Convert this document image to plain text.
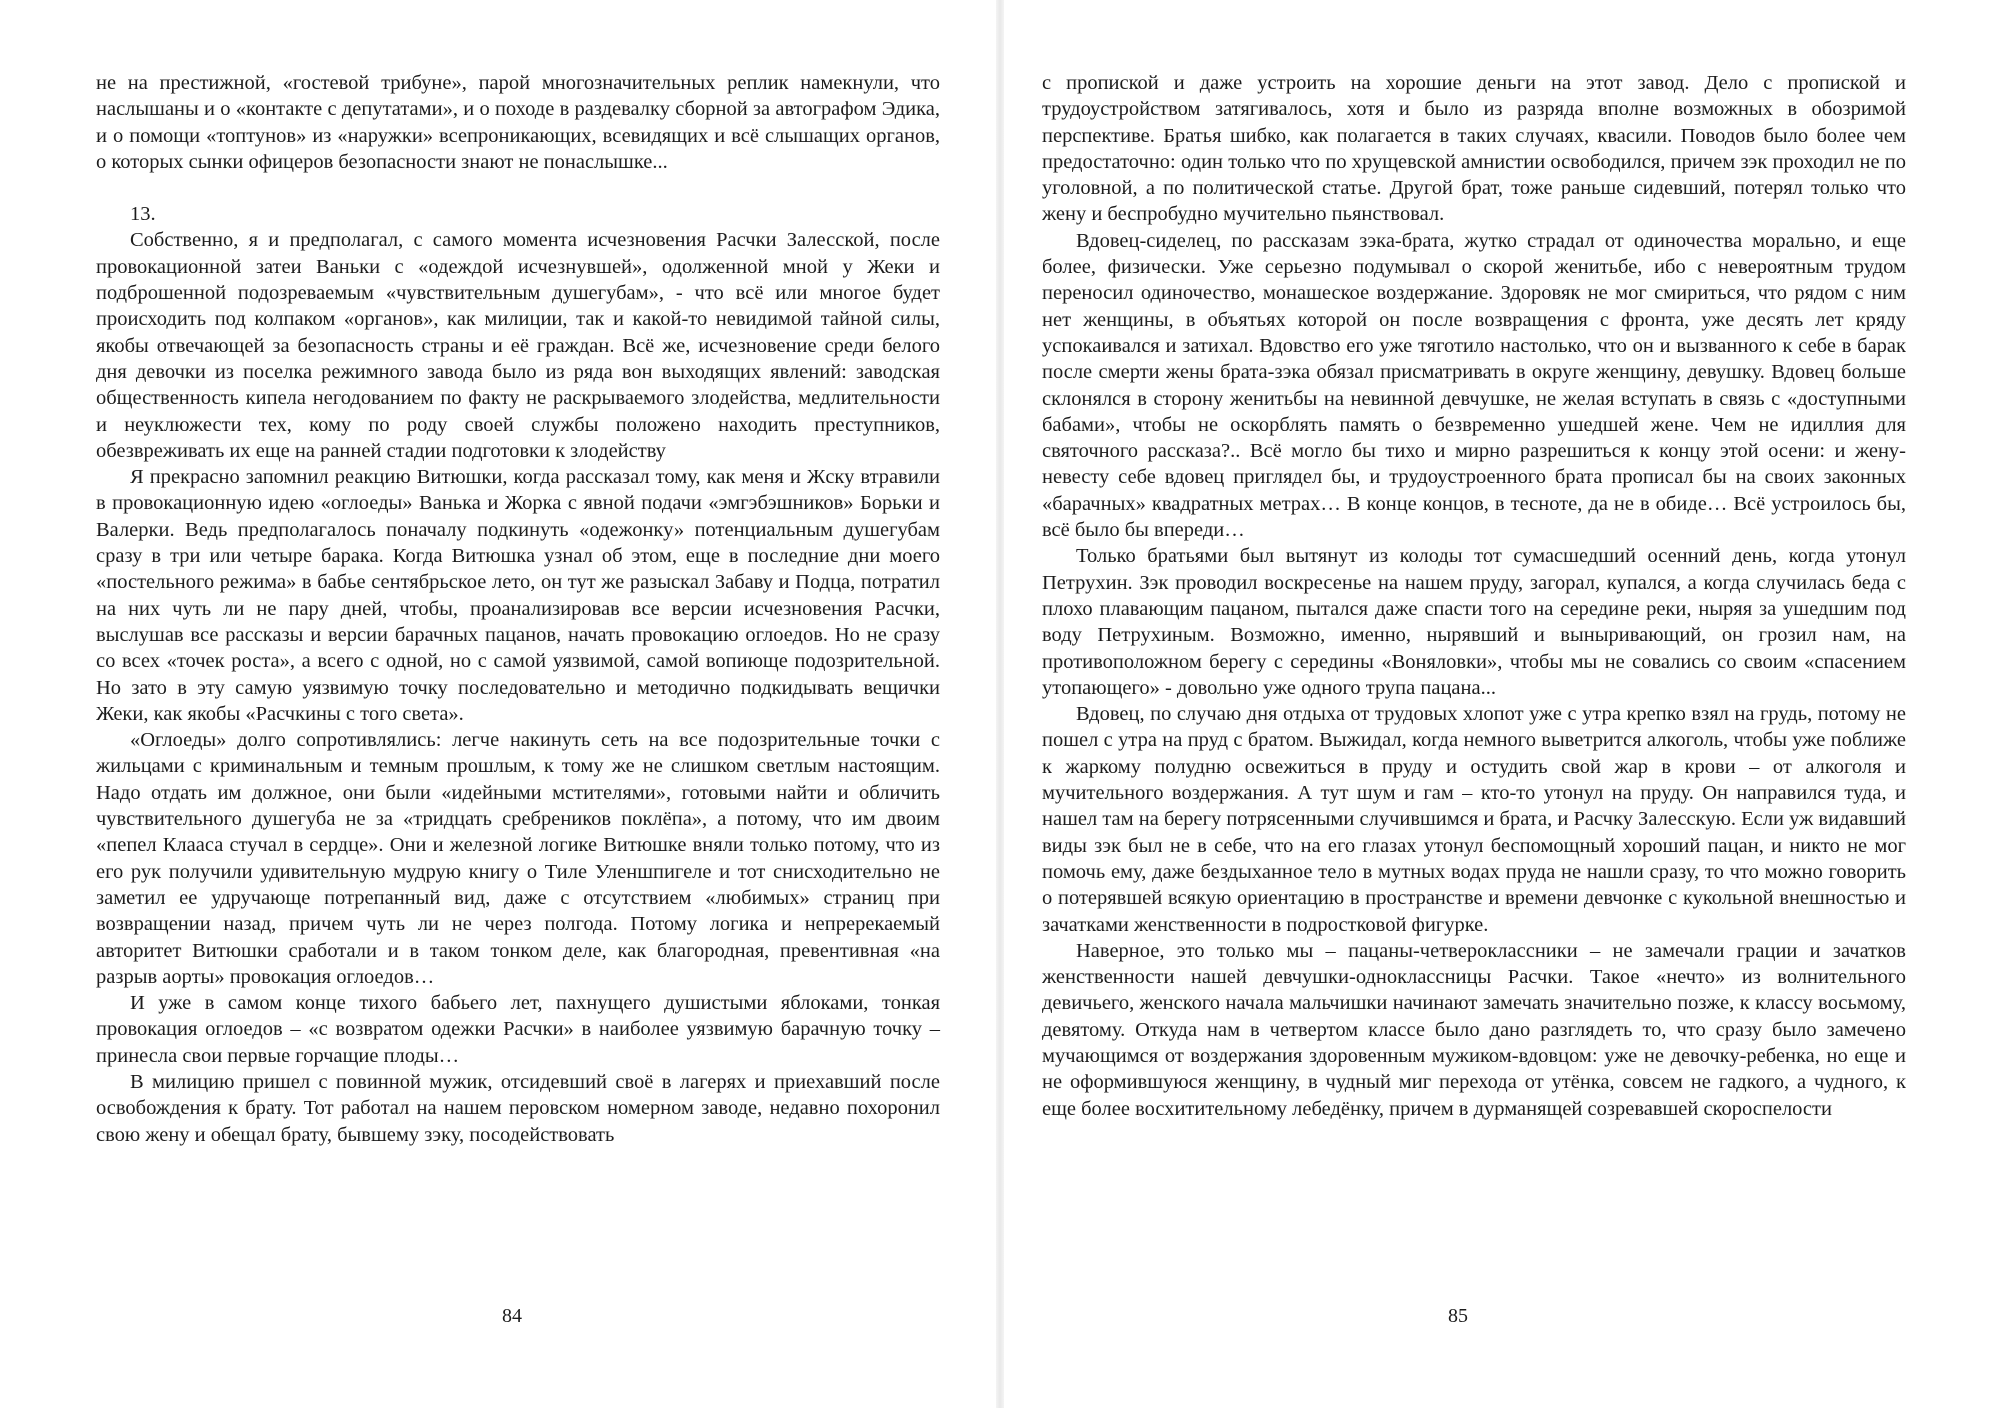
не на престижной, «гостевой трибуне», парой многозначительных реплик намекнули, что наслышаны и о «контакте с депутатами», и о походе в раздевалку сборной за автографом Эдика, и о помощи «топтунов» из «наружки» всепроникающих, всевидящих и всё слышащих органов, о которых сынки офицеров безопасности знают не понаслышке...

13.

Собственно, я и предполагал, с самого момента исчезновения Расчки Залесской, после провокационной затеи Ваньки с «одеждой исчезнувшей», одолженной мной у Жеки и подброшенной подозреваемым «чувствительным душегубам», - что всё или многое будет происходить под колпаком «органов», как милиции, так и какой-то невидимой тайной силы, якобы отвечающей за безопасность страны и её граждан. Всё же, исчезновение среди белого дня девочки из поселка режимного завода было из ряда вон выходящих явлений: заводская общественность кипела негодованием по факту не раскрываемого злодейства, медлительности и неуклюжести тех, кому по роду своей службы положено находить преступников, обезвреживать их еще на ранней стадии подготовки к злодейству

Я прекрасно запомнил реакцию Витюшки, когда рассказал тому, как меня и Жску втравили в провокационную идею «оглоеды» Ванька и Жорка с явной подачи «эмгэбэшников» Борьки и Валерки. Ведь предполагалось поначалу подкинуть «одежонку» потенциальным душегубам сразу в три или четыре барака. Когда Витюшка узнал об этом, еще в последние дни моего «постельного режима» в бабье сентябрьское лето, он тут же разыскал Забаву и Подца, потратил на них чуть ли не пару дней, чтобы, проанализировав все версии исчезновения Расчки, выслушав все рассказы и версии барачных пацанов, начать провокацию оглоедов. Но не сразу со всех «точек роста», а всего с одной, но с самой уязвимой, самой вопиюще подозрительной. Но зато в эту самую уязвимую точку последовательно и методично подкидывать вещички Жеки, как якобы «Расчкины с того света».

«Оглоеды» долго сопротивлялись: легче накинуть сеть на все подозрительные точки с жильцами с криминальным и темным прошлым, к тому же не слишком светлым настоящим. Надо отдать им должное, они были «идейными мстителями», готовыми найти и обличить чувствительного душегуба не за «тридцать сребреников поклёпа», а потому, что им двоим «пепел Клааса стучал в сердце». Они и железной логике Витюшке вняли только потому, что из его рук получили удивительную мудрую книгу о Тиле Уленшпигеле и тот снисходительно не заметил ее удручающе потрепанный вид, даже с отсутствием «любимых» страниц при возвращении назад, причем чуть ли не через полгода. Потому логика и непререкаемый авторитет Витюшки сработали и в таком тонком деле, как благородная, превентивная «на разрыв аорты» провокация оглоедов…

И уже в самом конце тихого бабьего лет, пахнущего душистыми яблоками, тонкая провокация оглоедов – «с возвратом одежки Расчки» в наиболее уязвимую барачную точку – принесла свои первые горчащие плоды…

В милицию пришел с повинной мужик, отсидевший своё в лагерях и приехавший после освобождения к брату. Тот работал на нашем перовском номерном заводе, недавно похоронил свою жену и обещал брату, бывшему зэку, посодействовать

с пропиской и даже устроить на хорошие деньги на этот завод. Дело с пропиской и трудоустройством затягивалось, хотя и было из разряда вполне возможных в обозримой перспективе. Братья шибко, как полагается в таких случаях, квасили. Поводов было более чем предостаточно: один только что по хрущевской амнистии освободился, причем зэк проходил не по уголовной, а по политической статье. Другой брат, тоже раньше сидевший, потерял только что жену и беспробудно мучительно пьянствовал.

Вдовец-сиделец, по рассказам зэка-брата, жутко страдал от одиночества морально, и еще более, физически. Уже серьезно подумывал о скорой женитьбе, ибо с невероятным трудом переносил одиночество, монашеское воздержание. Здоровяк не мог смириться, что рядом с ним нет женщины, в объятьях которой он после возвращения с фронта, уже десять лет кряду успокаивался и затихал. Вдовство его уже тяготило настолько, что он и вызванного к себе в барак после смерти жены брата-зэка обязал присматривать в округе женщину, девушку. Вдовец больше склонялся в сторону женитьбы на невинной девчушке, не желая вступать в связь с «доступными бабами», чтобы не оскорблять память о безвременно ушедшей жене. Чем не идиллия для святочного рассказа?.. Всё могло бы тихо и мирно разрешиться к концу этой осени: и жену-невесту себе вдовец приглядел бы, и трудоустроенного брата прописал бы на своих законных «барачных» квадратных метрах… В конце концов, в тесноте, да не в обиде… Всё устроилось бы, всё было бы впереди…

Только братьями был вытянут из колоды тот сумасшедший осенний день, когда утонул Петрухин. Зэк проводил воскресенье на нашем пруду, загорал, купался, а когда случилась беда с плохо плавающим пацаном, пытался даже спасти того на середине реки, ныряя за ушедшим под воду Петрухиным. Возможно, именно, нырявший и выныривающий, он грозил нам, на противоположном берегу с середины «Воняловки», чтобы мы не совались со своим «спасением утопающего» - довольно уже одного трупа пацана...

Вдовец, по случаю дня отдыха от трудовых хлопот уже с утра крепко взял на грудь, потому не пошел с утра на пруд с братом. Выжидал, когда немного выветрится алкоголь, чтобы уже поближе к жаркому полудню освежиться в пруду и остудить свой жар в крови – от алкоголя и мучительного воздержания. А тут шум и гам – кто-то утонул на пруду. Он направился туда, и нашел там на берегу потрясенными случившимся и брата, и Расчку Залесскую. Если уж видавший виды зэк был не в себе, что на его глазах утонул беспомощный хороший пацан, и никто не мог помочь ему, даже бездыханное тело в мутных водах пруда не нашли сразу, то что можно говорить о потерявшей всякую ориентацию в пространстве и времени девчонке с кукольной внешностью и зачатками женственности в подростковой фигурке.

Наверное, это только мы – пацаны-четвероклассники – не замечали грации и зачатков женственности нашей девчушки-одноклассницы Расчки. Такое «нечто» из волнительного девичьего, женского начала мальчишки начинают замечать значительно позже, к классу восьмому, девятому. Откуда нам в четвертом классе было дано разглядеть то, что сразу было замечено мучающимся от воздержания здоровенным мужиком-вдовцом: уже не девочку-ребенка, но еще и не оформившуюся женщину, в чудный миг перехода от утёнка, совсем не гадкого, а чудного, к еще более восхитительному лебедёнку, причем в дурманящей созревавшей скороспелости

84	85
